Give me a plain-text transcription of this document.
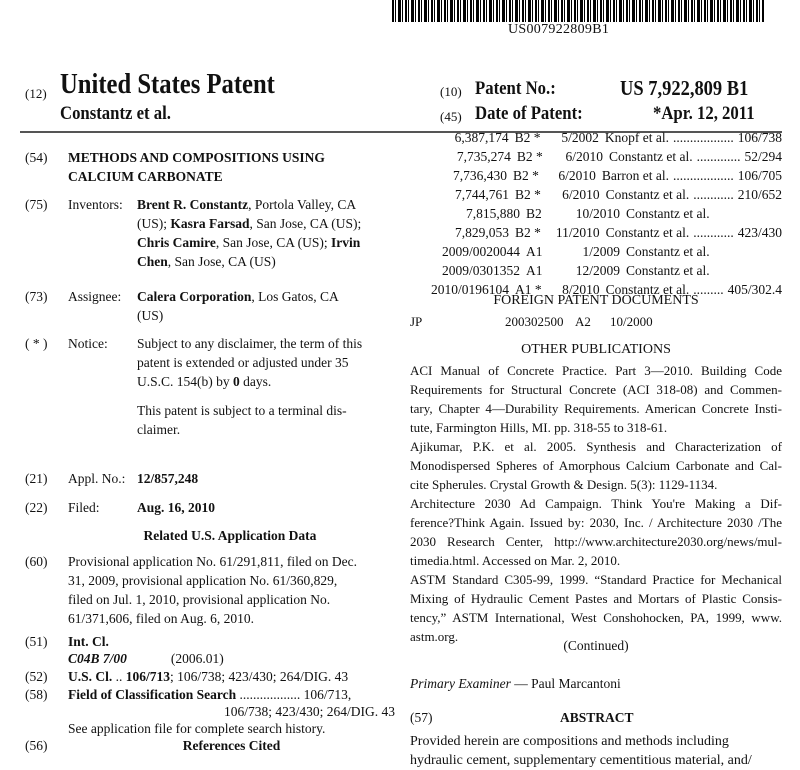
US007922809B1
(12) United States Patent
Constantz et al.
(10) Patent No.:	US 7,922,809 B1
(45) Date of Patent:	*Apr. 12, 2011
(54) METHODS AND COMPOSITIONS USING
CALCIUM CARBONATE
(75) Inventors: Brent R. Constantz, Portola Valley, CA
(US); Kasra Farsad, San Jose, CA (US);
Chris Camire, San Jose, CA (US); Irvin
Chen, San Jose, CA (US)
(73) Assignee: Calera Corporation, Los Gatos, CA
(US)
( * ) Notice: Subject to any disclaimer, the term of this
patent is extended or adjusted under 35
U.S.C. 154(b) by 0 days.

This patent is subject to a terminal dis-
claimer.
(21) Appl. No.: 12/857,248
(22) Filed:	Aug. 16, 2010
Related U.S. Application Data
(60) Provisional application No. 61/291,811, filed on Dec.
31, 2009, provisional application No. 61/360,829,
filed on Jul. 1, 2010, provisional application No.
61/371,606, filed on Aug. 6, 2010.
(51) Int. Cl.
C04B 7/00	(2006.01)
(52) U.S. Cl. .. 106/713; 106/738; 423/430; 264/DIG. 43
(58) Field of Classification Search .................. 106/713,
106/738; 423/430; 264/DIG. 43
See application file for complete search history.
(56)	References Cited
6,387,174 B2 *	5/2002 Knopf et al. .................. 106/738
7,735,274 B2 *	6/2010 Constantz et al. ............. 52/294
7,736,430 B2 *	6/2010 Barron et al. .................. 106/705
7,744,761 B2 *	6/2010 Constantz et al. ............ 210/652
7,815,880 B2	10/2010 Constantz et al.
7,829,053 B2 *	11/2010 Constantz et al. ............ 423/430
2009/0020044 A1	1/2009 Constantz et al.
2009/0301352 A1	12/2009 Constantz et al.
2010/0196104 A1 *	8/2010 Constantz et al. ......... 405/302.4
FOREIGN PATENT DOCUMENTS
JP	200302500 A2 10/2000
OTHER PUBLICATIONS
ACI Manual of Concrete Practice. Part 3—2010. Building Code
Requirements for Structural Concrete (ACI 318-08) and Commen-
tary, Chapter 4—Durability Requirements. American Concrete Insti-
tute, Farmington Hills, MI. pp. 318-55 to 318-61.
Ajikumar, P.K. et al. 2005. Synthesis and Characterization of
Monodispersed Spheres of Amorphous Calcium Carbonate and Cal-
cite Spherules. Crystal Growth & Design. 5(3): 1129-1134.
Architecture 2030 Ad Campaign. Think You're Making a Dif-
ference?Think Again. Issued by: 2030, Inc. / Architecture 2030 /The
2030 Research Center, http://www.architecture2030.org/news/mul-
timedia.html. Accessed on Mar. 2, 2010.
ASTM Standard C305-99, 1999. “Standard Practice for Mechanical
Mixing of Hydraulic Cement Pastes and Mortars of Plastic Consis-
tency,” ASTM International, West Conshohocken, PA, 1999, www.
astm.org.
(Continued)
Primary Examiner — Paul Marcantoni
(57)	ABSTRACT
Provided herein are compositions and methods including
hydraulic cement, supplementary cementitious material, and/
